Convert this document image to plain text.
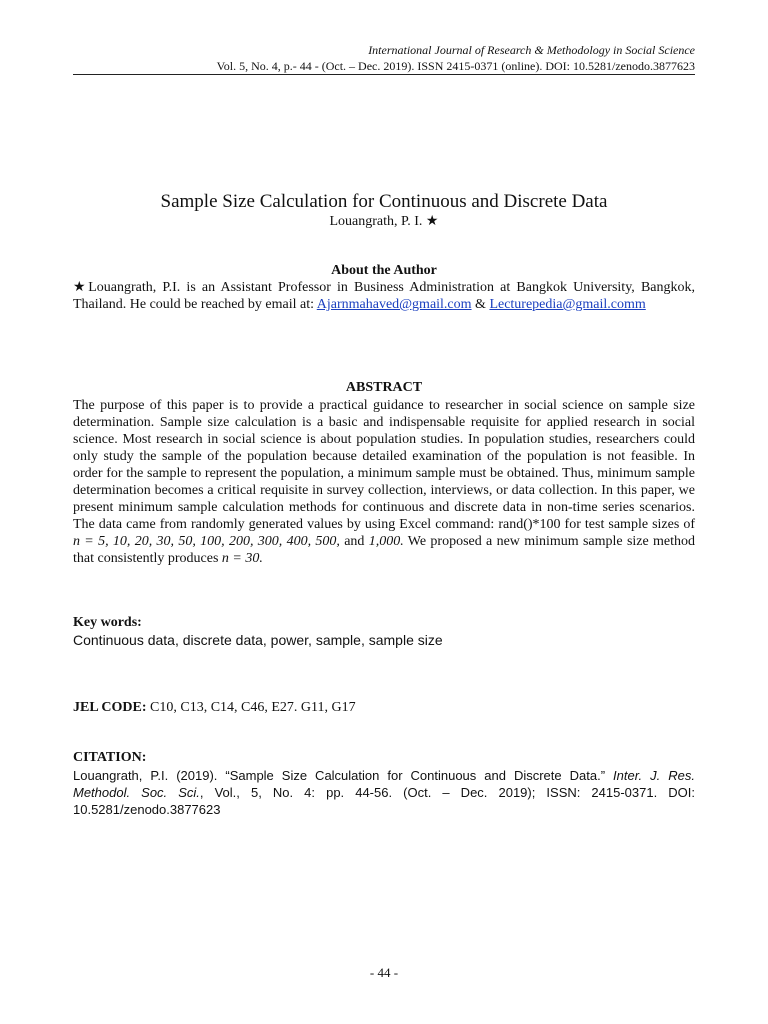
International Journal of Research & Methodology in Social Science
Vol. 5, No. 4, p.- 44 - (Oct. – Dec. 2019). ISSN 2415-0371 (online). DOI: 10.5281/zenodo.3877623
Sample Size Calculation for Continuous and Discrete Data
Louangrath, P. I. ★
About the Author
★Louangrath, P.I. is an Assistant Professor in Business Administration at Bangkok University, Bangkok, Thailand. He could be reached by email at: Ajarnmahaved@gmail.com & Lecturepedia@gmail.comm
ABSTRACT
The purpose of this paper is to provide a practical guidance to researcher in social science on sample size determination. Sample size calculation is a basic and indispensable requisite for applied research in social science. Most research in social science is about population studies. In population studies, researchers could only study the sample of the population because detailed examination of the population is not feasible. In order for the sample to represent the population, a minimum sample must be obtained. Thus, minimum sample determination becomes a critical requisite in survey collection, interviews, or data collection. In this paper, we present minimum sample calculation methods for continuous and discrete data in non-time series scenarios. The data came from randomly generated values by using Excel command: rand()*100 for test sample sizes of n = 5, 10, 20, 30, 50, 100, 200, 300, 400, 500, and 1,000. We proposed a new minimum sample size method that consistently produces n = 30.
Key words:
Continuous data, discrete data, power, sample, sample size
JEL CODE: C10, C13, C14, C46, E27. G11, G17
CITATION:
Louangrath, P.I. (2019). “Sample Size Calculation for Continuous and Discrete Data.” Inter. J. Res. Methodol. Soc. Sci., Vol., 5, No. 4: pp. 44-56. (Oct. – Dec. 2019); ISSN: 2415-0371. DOI: 10.5281/zenodo.3877623
- 44 -
